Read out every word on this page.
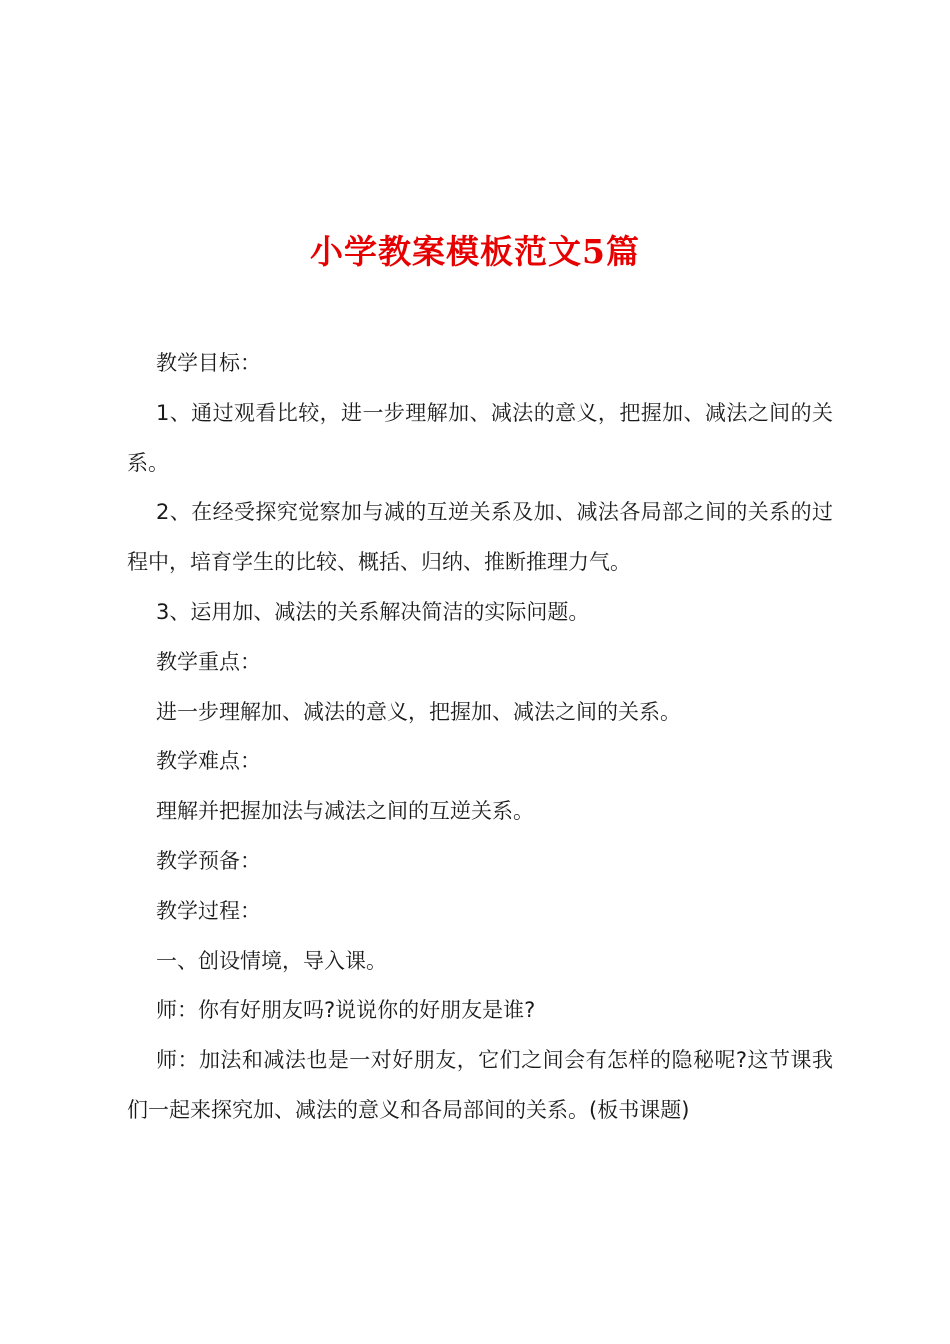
小学教案模板范文5篇

教学目标：

1、通过观看比较，进一步理解加、减法的意义，把握加、减法之间的关系。

2、在经受探究觉察加与减的互逆关系及加、减法各局部之间的关系的过程中，培育学生的比较、概括、归纳、推断推理力气。

3、运用加、减法的关系解决简洁的实际问题。

教学重点：

进一步理解加、减法的意义，把握加、减法之间的关系。

教学难点：

理解并把握加法与减法之间的互逆关系。

教学预备：

教学过程：

一、创设情境，导入课。

师：你有好朋友吗?说说你的好朋友是谁?

师：加法和减法也是一对好朋友，它们之间会有怎样的隐秘呢?这节课我们一起来探究加、减法的意义和各局部间的关系。(板书课题)
